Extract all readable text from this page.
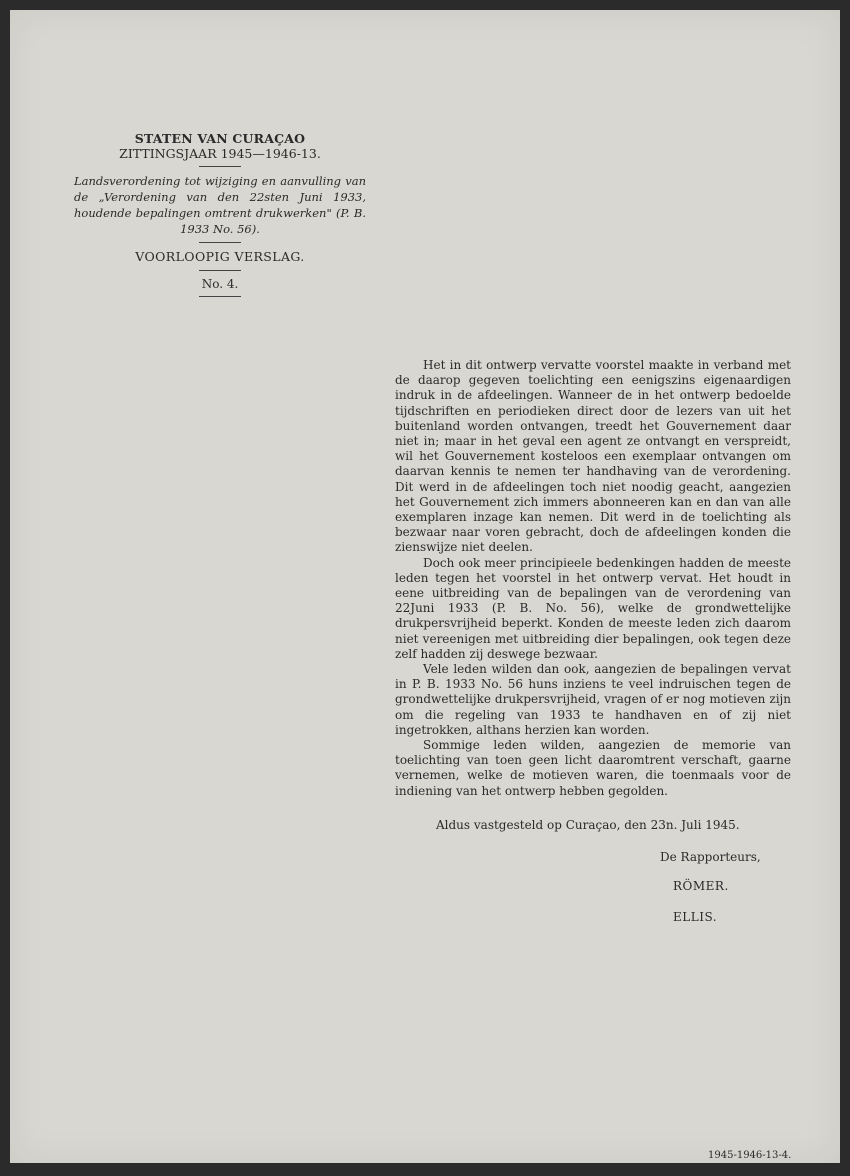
STATEN VAN CURAÇAO
ZITTINGSJAAR 1945—1946-13.
Landsverordening tot wijziging en aanvulling van de „Verordening van den 22sten Juni 1933, houdende bepalingen omtrent drukwerken" (P. B. 1933 No. 56).
VOORLOOPIG VERSLAG.
No. 4.

Het in dit ontwerp vervatte voorstel maakte in verband met de daarop gegeven toelichting een eenigszins eigenaardigen indruk in de afdeelingen. Wanneer de in het ontwerp bedoelde tijdschriften en periodieken direct door de lezers van uit het buitenland worden ontvangen, treedt het Gouvernement daar niet in; maar in het geval een agent ze ontvangt en verspreidt, wil het Gouvernement kosteloos een exemplaar ontvangen om daarvan kennis te nemen ter handhaving van de verordening. Dit werd in de afdeelingen toch niet noodig geacht, aangezien het Gouvernement zich immers abonneeren kan en dan van alle exemplaren inzage kan nemen. Dit werd in de toelichting als bezwaar naar voren gebracht, doch de afdeelingen konden die zienswijze niet deelen.

Doch ook meer principieele bedenkingen hadden de meeste leden tegen het voorstel in het ontwerp vervat. Het houdt in eene uitbreiding van de bepalingen van de verordening van 22Juni 1933 (P. B. No. 56), welke de grondwettelijke drukpersvrijheid beperkt. Konden de meeste leden zich daarom niet vereenigen met uitbreiding dier bepalingen, ook tegen deze zelf hadden zij deswege bezwaar.

Vele leden wilden dan ook, aangezien de bepalingen vervat in P. B. 1933 No. 56 huns inziens te veel indruischen tegen de grondwettelijke drukpersvrijheid, vragen of er nog motieven zijn om die regeling van 1933 te handhaven en of zij niet ingetrokken, althans herzien kan worden.

Sommige leden wilden, aangezien de memorie van toelichting van toen geen licht daaromtrent verschaft, gaarne vernemen, welke de motieven waren, die toenmaals voor de indiening van het ontwerp hebben gegolden.

Aldus vastgesteld op Curaçao, den 23n. Juli 1945.
De Rapporteurs,
RÖMER.
ELLIS.
1945-1946-13-4.
